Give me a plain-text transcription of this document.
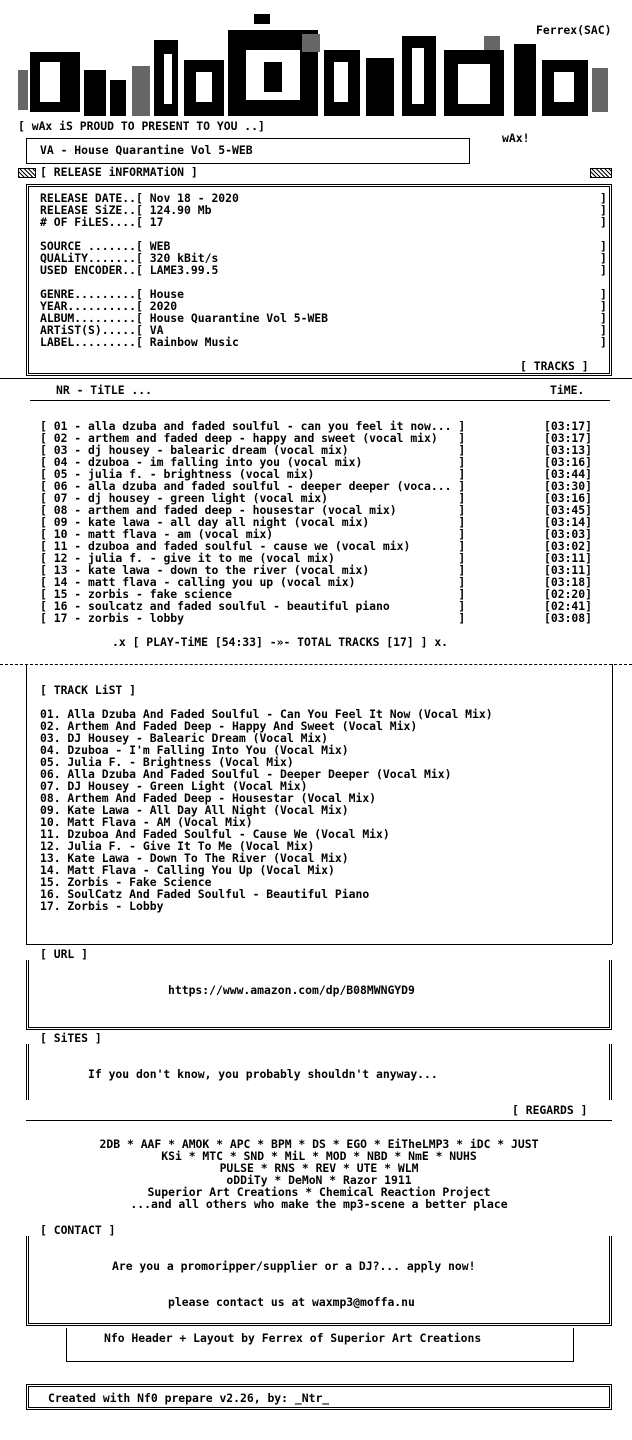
Ferrex(SAC)
[ wAx iS PROUD TO PRESENT TO YOU ..]
wAx!
VA - House Quarantine Vol 5-WEB
[ RELEASE iNFORMATiON ]
RELEASE DATE..[ Nov 18 - 2020
RELEASE SiZE..[ 124.90 Mb
# OF FiLES....[ 17
SOURCE .......[ WEB
QUALiTY.......[ 320 kBit/s
USED ENCODER..[ LAME3.99.5
GENRE.........[ House
YEAR..........[ 2020
ALBUM.........[ House Quarantine Vol 5-WEB
ARTiST(S).....[ VA
LABEL.........[ Rainbow Music
]
]
]

]
]
]

]
]
]
]
]
[ TRACKS ]
NR - TiTLE ...	TiME.
[ 01 - alla dzuba and faded soulful - can you feel it now... ]	[03:17]
[ 02 - arthem and faded deep - happy and sweet (vocal mix)   ]	[03:17]
[ 03 - dj housey - balearic dream (vocal mix)                ]	[03:13]
[ 04 - dzuboa - im falling into you (vocal mix)              ]	[03:16]
[ 05 - julia f. - brightness (vocal mix)                     ]	[03:44]
[ 06 - alla dzuba and faded soulful - deeper deeper (voca... ]	[03:30]
[ 07 - dj housey - green light (vocal mix)                   ]	[03:16]
[ 08 - arthem and faded deep - housestar (vocal mix)         ]	[03:45]
[ 09 - kate lawa - all day all night (vocal mix)             ]	[03:14]
[ 10 - matt flava - am (vocal mix)                           ]	[03:03]
[ 11 - dzuboa and faded soulful - cause we (vocal mix)       ]	[03:02]
[ 12 - julia f. - give it to me (vocal mix)                  ]	[03:11]
[ 13 - kate lawa - down to the river (vocal mix)             ]	[03:11]
[ 14 - matt flava - calling you up (vocal mix)               ]	[03:18]
[ 15 - zorbis - fake science                                 ]	[02:20]
[ 16 - soulcatz and faded soulful - beautiful piano          ]	[02:41]
[ 17 - zorbis - lobby                                        ]	[03:08]
.x [ PLAY-TiME [54:33] -»- TOTAL TRACKS [17] ] x.
[ TRACK LiST ]
01. Alla Dzuba And Faded Soulful - Can You Feel It Now (Vocal Mix)
02. Arthem And Faded Deep - Happy And Sweet (Vocal Mix)
03. DJ Housey - Balearic Dream (Vocal Mix)
04. Dzuboa - I'm Falling Into You (Vocal Mix)
05. Julia F. - Brightness (Vocal Mix)
06. Alla Dzuba And Faded Soulful - Deeper Deeper (Vocal Mix)
07. DJ Housey - Green Light (Vocal Mix)
08. Arthem And Faded Deep - Housestar (Vocal Mix)
09. Kate Lawa - All Day All Night (Vocal Mix)
10. Matt Flava - AM (Vocal Mix)
11. Dzuboa And Faded Soulful - Cause We (Vocal Mix)
12. Julia F. - Give It To Me (Vocal Mix)
13. Kate Lawa - Down To The River (Vocal Mix)
14. Matt Flava - Calling You Up (Vocal Mix)
15. Zorbis - Fake Science
16. SoulCatz And Faded Soulful - Beautiful Piano
17. Zorbis - Lobby
[ URL ]
https://www.amazon.com/dp/B08MWNGYD9
[ SiTES ]
If you don't know, you probably shouldn't anyway...
[ REGARDS ]
2DB * AAF * AMOK * APC * BPM * DS * EGO * EiTheLMP3 * iDC * JUST
KSi * MTC * SND * MiL * MOD * NBD * NmE * NUHS
PULSE * RNS * REV * UTE * WLM
oDDiTy * DeMoN * Razor 1911
Superior Art Creations * Chemical Reaction Project
...and all others who make the mp3-scene a better place
[ CONTACT ]
Are you a promoripper/supplier or a DJ?... apply now!
please contact us at waxmp3@moffa.nu
Nfo Header + Layout by Ferrex of Superior Art Creations
Created with Nf0 prepare v2.26, by: _Ntr_
